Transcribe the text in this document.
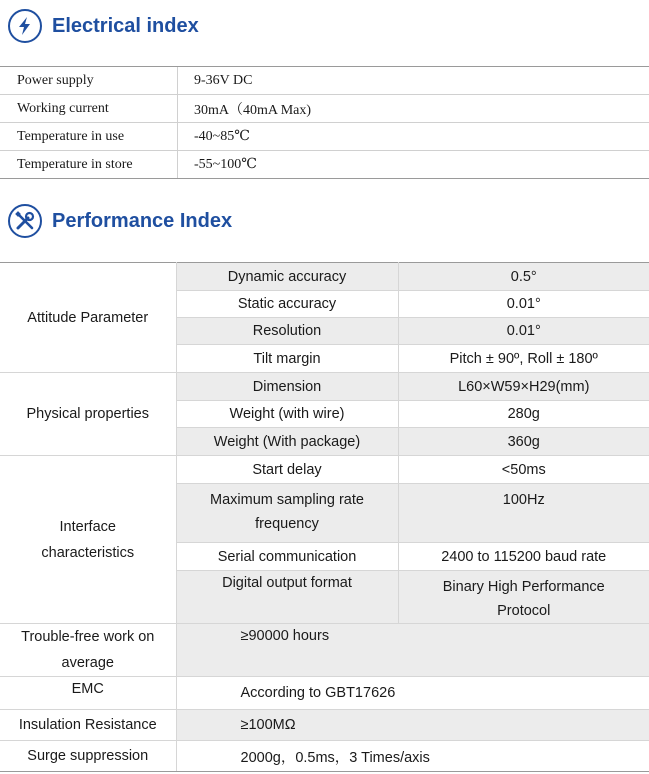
Electrical index
Power supply	9-36V DC
Working current	30mA（40mA Max)
Temperature in use	-40~85℃
Temperature in store	-55~100℃
Performance Index
Attitude Parameter	Dynamic accuracy	0.5°
	Static accuracy	0.01°
	Resolution	0.01°
	Tilt margin	Pitch ± 90º, Roll ± 180º
Physical properties	Dimension	L60×W59×H29(mm)
	Weight (with wire)	280g
	Weight (With package)	360g

Interface
characteristics	Start delay	<50ms

	Maximum sampling rate
frequency	100Hz
	Serial communication	2400 to 115200 baud rate
	Digital output format	Binary High Performance
Protocol

Trouble-free work on
average	≥90000 hours	
EMC	According to GBT17626	
Insulation Resistance	≥100MΩ	
Surge suppression	2000g，0.5ms，3 Times/axis	
